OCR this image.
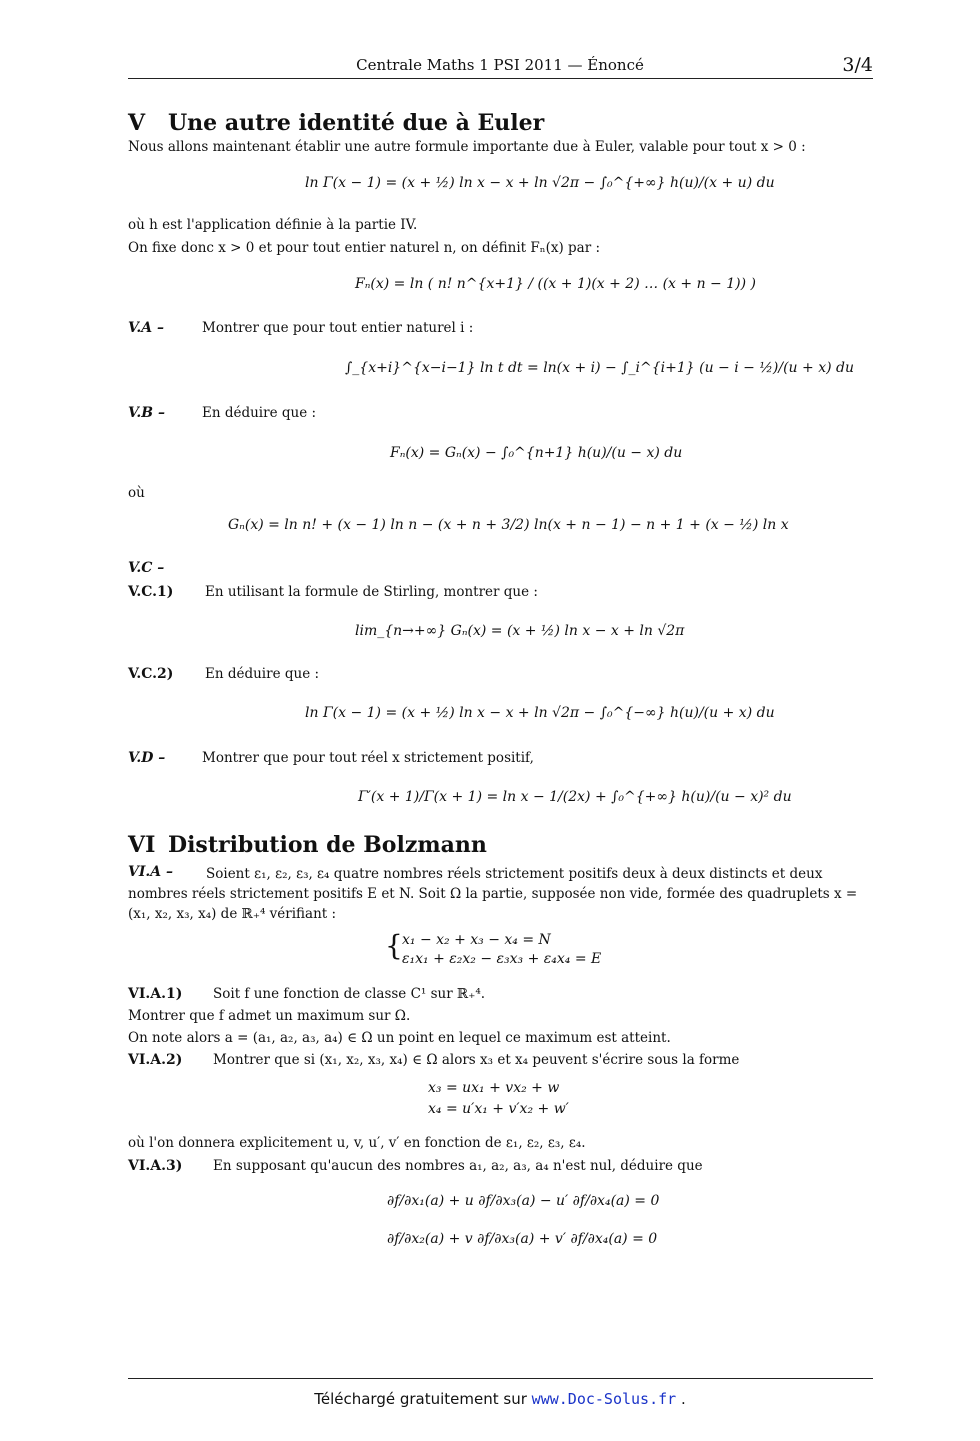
Centrale Maths 1 PSI 2011 — Énoncé	3/4
V Une autre identité due à Euler
Nous allons maintenant établir une autre formule importante due à Euler, valable pour tout x > 0 :
ln Γ(x − 1) = (x + ½) ln x − x + ln √2π − ∫₀^{+∞} h(u)/(x + u) du
où h est l'application définie à la partie IV.
On fixe donc x > 0 et pour tout entier naturel n, on définit Fₙ(x) par :
Fₙ(x) = ln ( n! n^{x+1} / ((x + 1)(x + 2) … (x + n − 1)) )
V.A –	Montrer que pour tout entier naturel i :
∫_{x+i}^{x−i−1} ln t dt = ln(x + i) − ∫_i^{i+1} (u − i − ½)/(u + x) du
V.B –	En déduire que :
Fₙ(x) = Gₙ(x) − ∫₀^{n+1} h(u)/(u − x) du
où
Gₙ(x) = ln n! + (x − 1) ln n − (x + n + 3/2) ln(x + n − 1) − n + 1 + (x − ½) ln x
V.C –
V.C.1) En utilisant la formule de Stirling, montrer que :
lim_{n→+∞} Gₙ(x) = (x + ½) ln x − x + ln √2π
V.C.2) En déduire que :
ln Γ(x − 1) = (x + ½) ln x − x + ln √2π − ∫₀^{−∞} h(u)/(u + x) du
V.D –	Montrer que pour tout réel x strictement positif,
Γ′(x + 1)/Γ(x + 1) = ln x − 1/(2x) + ∫₀^{+∞} h(u)/(u − x)² du
VI Distribution de Bolzmann
Soient ε₁, ε₂, ε₃, ε₄ quatre nombres réels strictement positifs deux à deux distincts et deux nombres réels strictement positifs E et N. Soit Ω la partie, supposée non vide, formée des quadruplets x = (x₁, x₂, x₃, x₄) de ℝ₊⁴ vérifiant :
VI.A –
{ x₁ − x₂ + x₃ − x₄ = N
ε₁x₁ + ε₂x₂ − ε₃x₃ + ε₄x₄ = E
VI.A.1) Soit f une fonction de classe C¹ sur ℝ₊⁴.
Montrer que f admet un maximum sur Ω.
On note alors a = (a₁, a₂, a₃, a₄) ∈ Ω un point en lequel ce maximum est atteint.
VI.A.2) Montrer que si (x₁, x₂, x₃, x₄) ∈ Ω alors x₃ et x₄ peuvent s'écrire sous la forme
x₃ = ux₁ + vx₂ + w
x₄ = u′x₁ + v′x₂ + w′
où l'on donnera explicitement u, v, u′, v′ en fonction de ε₁, ε₂, ε₃, ε₄.
VI.A.3) En supposant qu'aucun des nombres a₁, a₂, a₃, a₄ n'est nul, déduire que
∂f/∂x₁(a) + u ∂f/∂x₃(a) − u′ ∂f/∂x₄(a) = 0
∂f/∂x₂(a) + v ∂f/∂x₃(a) + v′ ∂f/∂x₄(a) = 0
Téléchargé gratuitement sur www.Doc-Solus.fr .
